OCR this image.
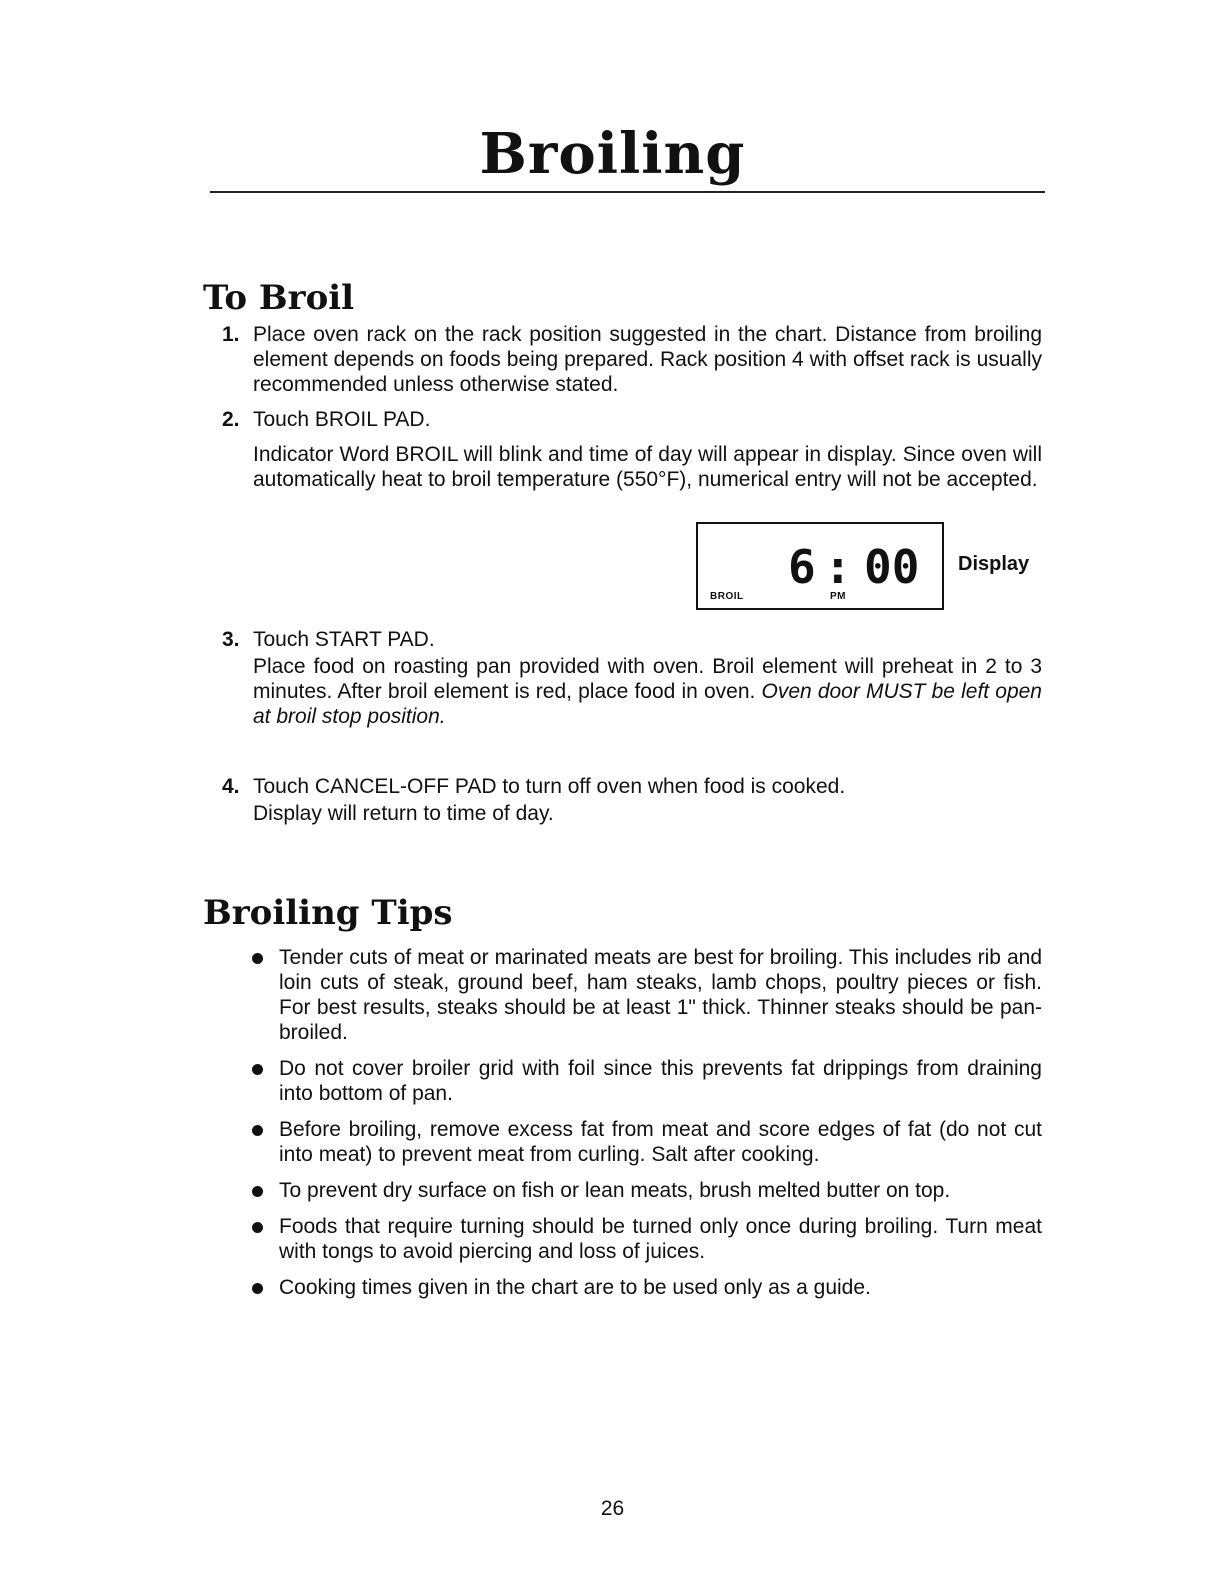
Broiling
To Broil
1. Place oven rack on the rack position suggested in the chart. Distance from broiling element depends on foods being prepared. Rack position 4 with offset rack is usually recommended unless otherwise stated.

2. Touch BROIL PAD.

Indicator Word BROIL will blink and time of day will appear in display. Since oven will automatically heat to broil temperature (550°F), numerical entry will not be accepted.

6 : 00
BROIL	PM
Display
3. Touch START PAD.

Place food on roasting pan provided with oven. Broil element will preheat in 2 to 3 minutes. After broil element is red, place food in oven. Oven door MUST be left open at broil stop position.

4. Touch CANCEL-OFF PAD to turn off oven when food is cooked.

Display will return to time of day.

Broiling Tips
Tender cuts of meat or marinated meats are best for broiling. This includes rib and loin cuts of steak, ground beef, ham steaks, lamb chops, poultry pieces or fish. For best results, steaks should be at least 1" thick. Thinner steaks should be pan-broiled.
Do not cover broiler grid with foil since this prevents fat drippings from draining into bottom of pan.
Before broiling, remove excess fat from meat and score edges of fat (do not cut into meat) to prevent meat from curling. Salt after cooking.
To prevent dry surface on fish or lean meats, brush melted butter on top.
Foods that require turning should be turned only once during broiling. Turn meat with tongs to avoid piercing and loss of juices.
Cooking times given in the chart are to be used only as a guide.
26
